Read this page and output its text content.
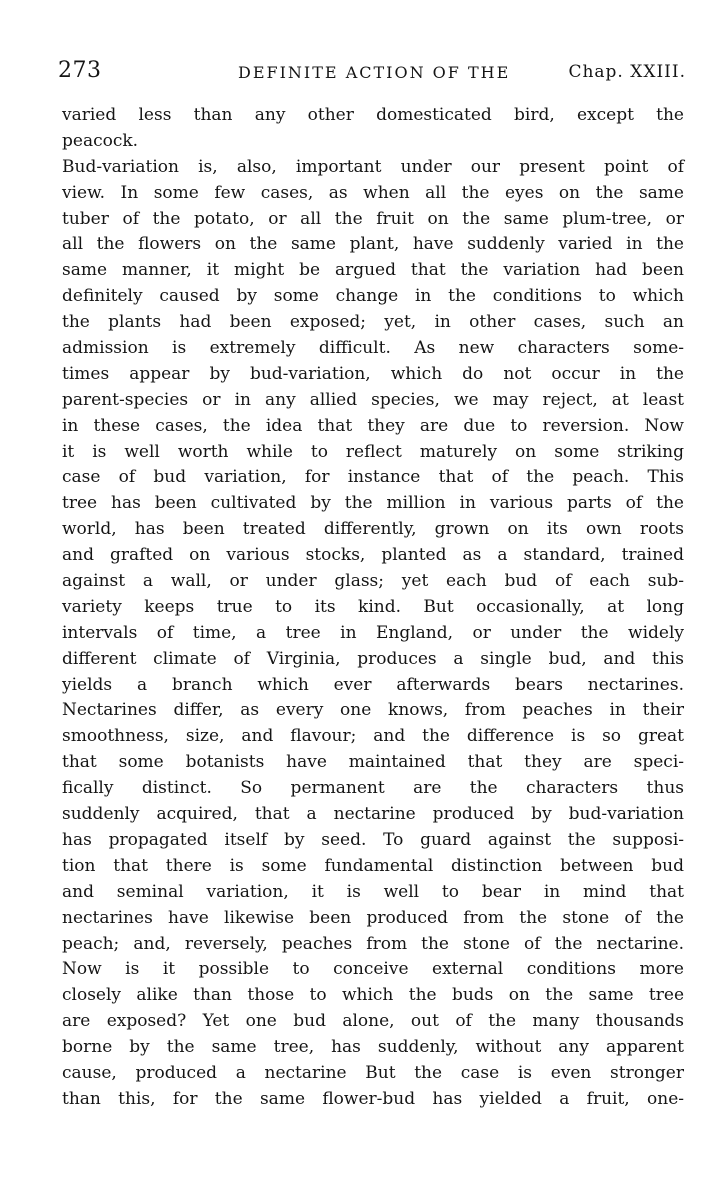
273	DEFINITE ACTION OF THE	Chap. XXIII.
varied less than any other domesticated bird, except the
peacock.
Bud-variation is, also, important under our present point of
view. In some few cases, as when all the eyes on the same
tuber of the potato, or all the fruit on the same plum-tree, or
all the flowers on the same plant, have suddenly varied in the
same manner, it might be argued that the variation had been
definitely caused by some change in the conditions to which
the plants had been exposed; yet, in other cases, such an
admission is extremely difficult. As new characters some-
times appear by bud-variation, which do not occur in the
parent-species or in any allied species, we may reject, at least
in these cases, the idea that they are due to reversion. Now
it is well worth while to reflect maturely on some striking
case of bud variation, for instance that of the peach. This
tree has been cultivated by the million in various parts of the
world, has been treated differently, grown on its own roots
and grafted on various stocks, planted as a standard, trained
against a wall, or under glass; yet each bud of each sub-
variety keeps true to its kind. But occasionally, at long
intervals of time, a tree in England, or under the widely
different climate of Virginia, produces a single bud, and this
yields a branch which ever afterwards bears nectarines.
Nectarines differ, as every one knows, from peaches in their
smoothness, size, and flavour; and the difference is so great
that some botanists have maintained that they are speci-
fically distinct. So permanent are the characters thus
suddenly acquired, that a nectarine produced by bud-variation
has propagated itself by seed. To guard against the supposi-
tion that there is some fundamental distinction between bud
and seminal variation, it is well to bear in mind that
nectarines have likewise been produced from the stone of the
peach; and, reversely, peaches from the stone of the nectarine.
Now is it possible to conceive external conditions more
closely alike than those to which the buds on the same tree
are exposed? Yet one bud alone, out of the many thousands
borne by the same tree, has suddenly, without any apparent
cause, produced a nectarine But the case is even stronger
than this, for the same flower-bud has yielded a fruit, one-
